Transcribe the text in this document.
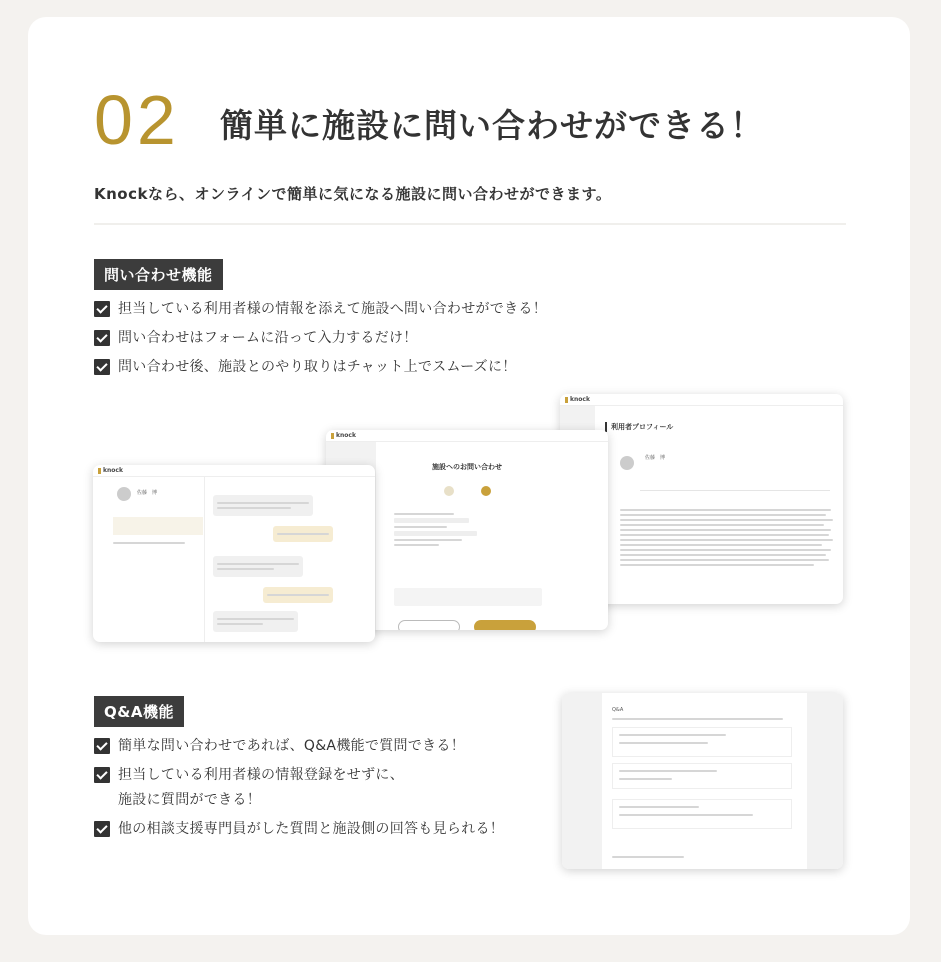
02 簡単に施設に問い合わせができる！
Knockなら、オンラインで簡単に気になる施設に問い合わせができます。
問い合わせ機能
担当している利用者様の情報を添えて施設へ問い合わせができる！
問い合わせはフォームに沿って入力するだけ！
問い合わせ後、施設とのやり取りはチャット上でスムーズに！
knock
利用者プロフィール
佐藤　博
knock
施設へのお問い合わせ
knock
佐藤　博
Q&A機能
簡単な問い合わせであれば、Q&A機能で質問できる！
担当している利用者様の情報登録をせずに、
施設に質問ができる！
他の相談支援専門員がした質問と施設側の回答も見られる！
Q&A
